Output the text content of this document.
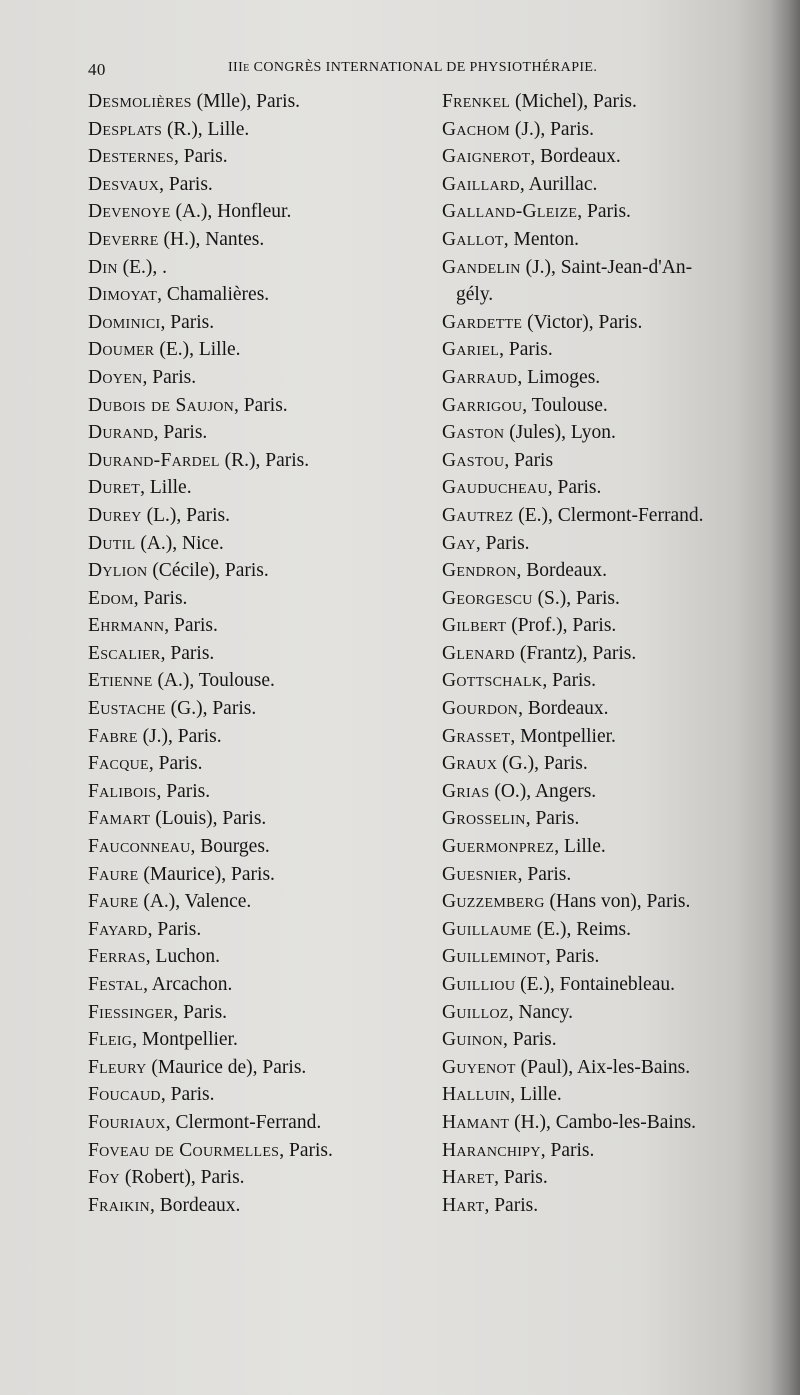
40	IIIe CONGRÈS INTERNATIONAL DE PHYSIOTHÉRAPIE.
Desmolières (Mlle), Paris.
Desplats (R.), Lille.
Desternes, Paris.
Desvaux, Paris.
Devenoye (A.), Honfleur.
Deverre (H.), Nantes.
Din (E.), .
Dimoyat, Chamalières.
Dominici, Paris.
Doumer (E.), Lille.
Doyen, Paris.
Dubois de Saujon, Paris.
Durand, Paris.
Durand-Fardel (R.), Paris.
Duret, Lille.
Durey (L.), Paris.
Dutil (A.), Nice.
Dylion (Cécile), Paris.
Edom, Paris.
Ehrmann, Paris.
Escalier, Paris.
Etienne (A.), Toulouse.
Eustache (G.), Paris.
Fabre (J.), Paris.
Facque, Paris.
Falibois, Paris.
Famart (Louis), Paris.
Fauconneau, Bourges.
Faure (Maurice), Paris.
Faure (A.), Valence.
Fayard, Paris.
Ferras, Luchon.
Festal, Arcachon.
Fiessinger, Paris.
Fleig, Montpellier.
Fleury (Maurice de), Paris.
Foucaud, Paris.
Fouriaux, Clermont-Ferrand.
Foveau de Courmelles, Paris.
Foy (Robert), Paris.
Fraikin, Bordeaux.
Frenkel (Michel), Paris.
Gachom (J.), Paris.
Gaignerot, Bordeaux.
Gaillard, Aurillac.
Galland-Gleize, Paris.
Gallot, Menton.
Gandelin (J.), Saint-Jean-d'An-
gély.
Gardette (Victor), Paris.
Gariel, Paris.
Garraud, Limoges.
Garrigou, Toulouse.
Gaston (Jules), Lyon.
Gastou, Paris
Gauducheau, Paris.
Gautrez (E.), Clermont-Ferrand.
Gay, Paris.
Gendron, Bordeaux.
Georgescu (S.), Paris.
Gilbert (Prof.), Paris.
Glenard (Frantz), Paris.
Gottschalk, Paris.
Gourdon, Bordeaux.
Grasset, Montpellier.
Graux (G.), Paris.
Grias (O.), Angers.
Grosselin, Paris.
Guermonprez, Lille.
Guesnier, Paris.
Guzzemberg (Hans von), Paris.
Guillaume (E.), Reims.
Guilleminot, Paris.
Guilliou (E.), Fontainebleau.
Guilloz, Nancy.
Guinon, Paris.
Guyenot (Paul), Aix-les-Bains.
Halluin, Lille.
Hamant (H.), Cambo-les-Bains.
Haranchipy, Paris.
Haret, Paris.
Hart, Paris.
